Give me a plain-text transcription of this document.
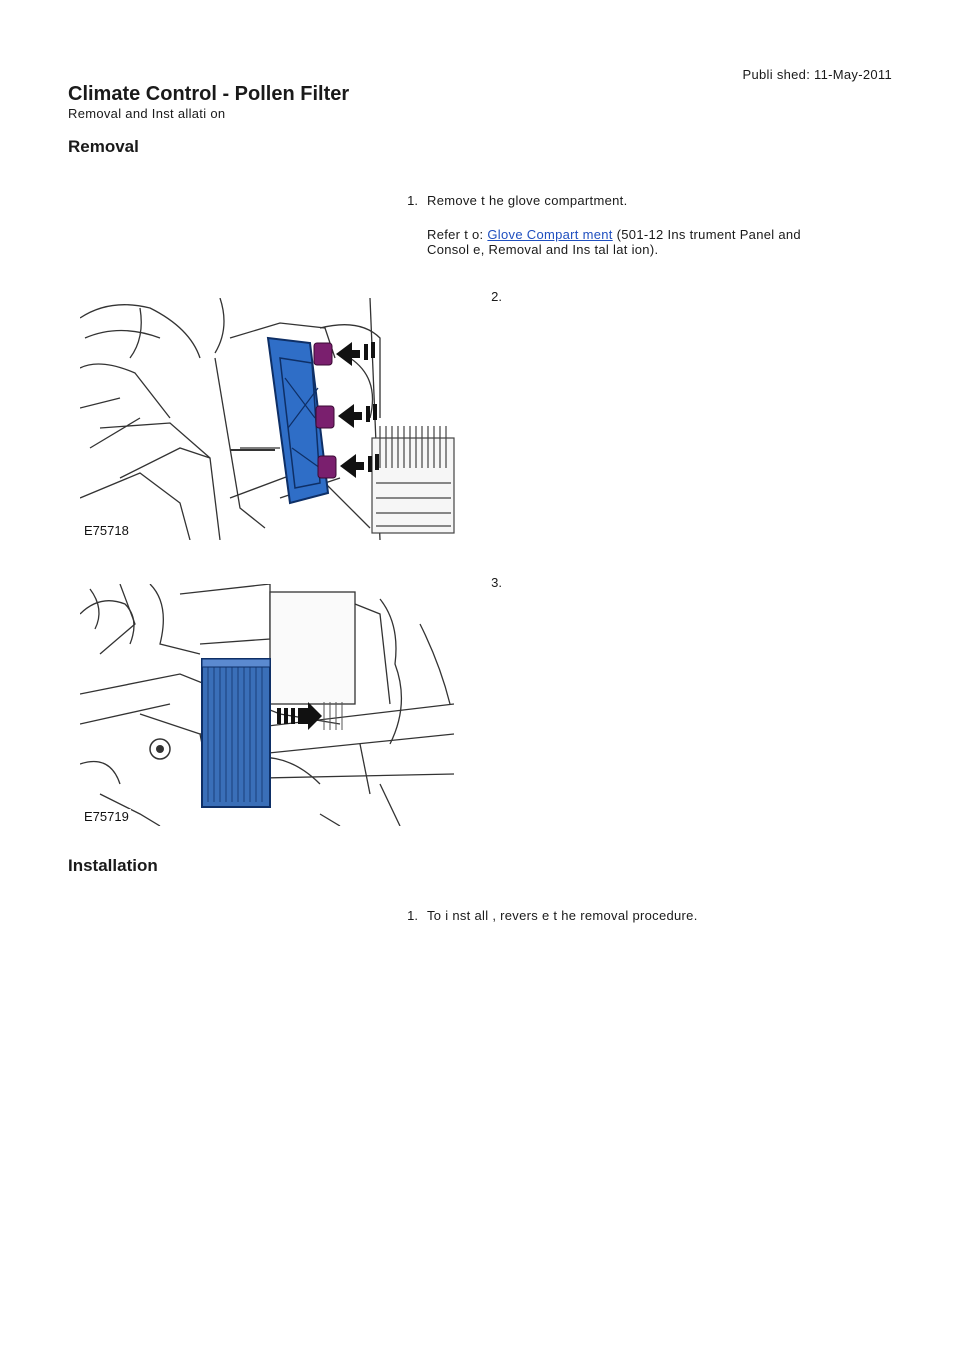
Publi shed: 11-May-2011
Climate Control - Pollen Filter
Removal and Inst allati on
Removal
1. Remove t he glove compartment.
Refer t o: Glove Compart ment (501-12 Ins trument Panel and Consol e, Removal and Ins tal lat ion).
E75718
2.
E75719
3.
Installation
1. To i nst all , revers e t he removal procedure.
